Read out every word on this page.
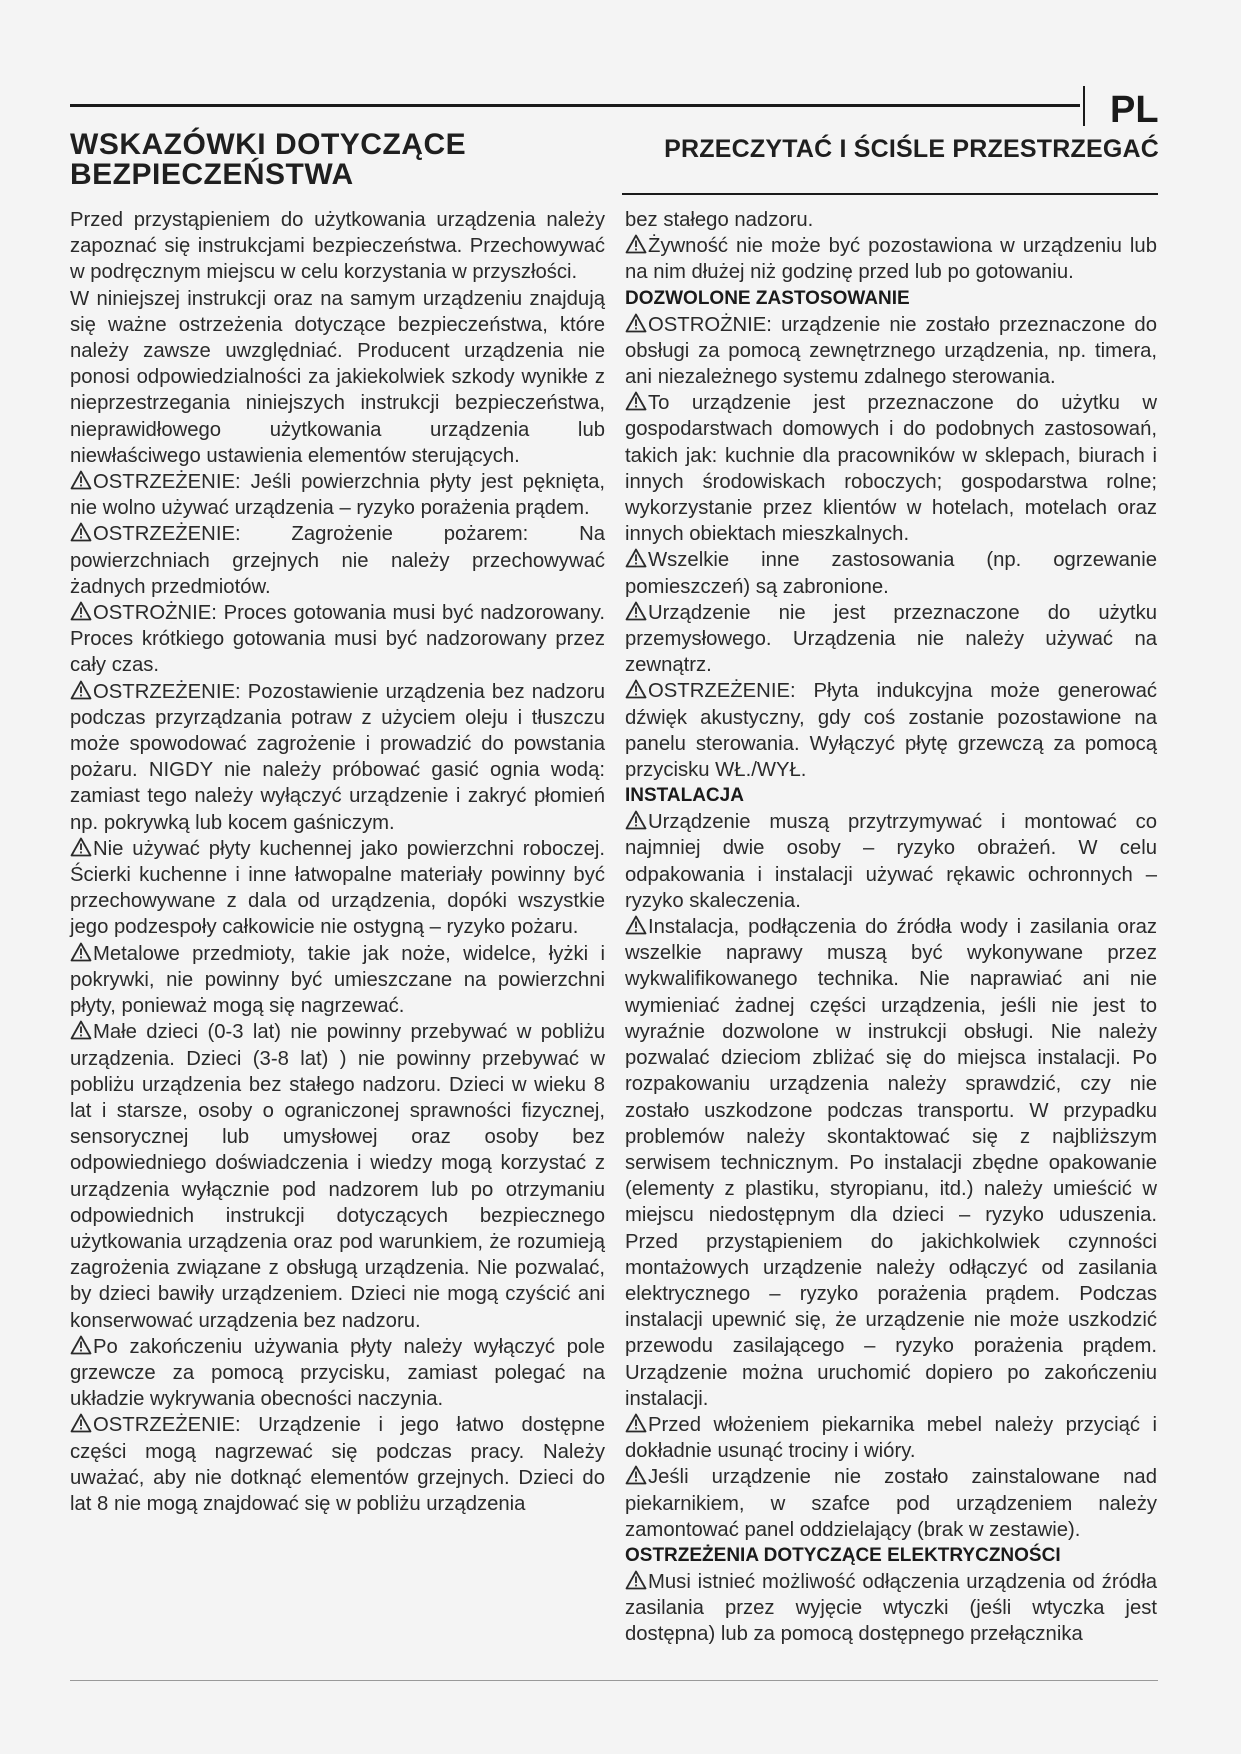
PL
WSKAZÓWKI DOTYCZĄCE
BEZPIECZEŃSTWA
PRZECZYTAĆ I ŚCIŚLE PRZESTRZEGAĆ

Przed przystąpieniem do użytkowania urządzenia należy zapoznać się instrukcjami bezpieczeństwa. Przechowywać w podręcznym miejscu w celu korzystania w przyszłości.

W niniejszej instrukcji oraz na samym urządzeniu znajdują się ważne ostrzeżenia dotyczące bezpieczeństwa, które należy zawsze uwzględniać. Producent urządzenia nie ponosi odpowiedzialności za jakiekolwiek szkody wynikłe z nieprzestrzegania niniejszych instrukcji bezpieczeństwa, nieprawidłowego użytkowania urządzenia lub niewłaściwego ustawienia elementów sterujących.

OSTRZEŻENIE: Jeśli powierzchnia płyty jest pęknięta, nie wolno używać urządzenia – ryzyko porażenia prądem.

OSTRZEŻENIE: Zagrożenie pożarem: Na powierzchniach grzejnych nie należy przechowywać żadnych przedmiotów.

OSTROŻNIE: Proces gotowania musi być nadzorowany. Proces krótkiego gotowania musi być nadzorowany przez cały czas.

OSTRZEŻENIE: Pozostawienie urządzenia bez nadzoru podczas przyrządzania potraw z użyciem oleju i tłuszczu może spowodować zagrożenie i prowadzić do powstania pożaru. NIGDY nie należy próbować gasić ognia wodą: zamiast tego należy wyłączyć urządzenie i zakryć płomień np. pokrywką lub kocem gaśniczym.

Nie używać płyty kuchennej jako powierzchni roboczej. Ścierki kuchenne i inne łatwopalne materiały powinny być przechowywane z dala od urządzenia, dopóki wszystkie jego podzespoły całkowicie nie ostygną – ryzyko pożaru.

Metalowe przedmioty, takie jak noże, widelce, łyżki i pokrywki, nie powinny być umieszczane na powierzchni płyty, ponieważ mogą się nagrzewać.

Małe dzieci (0-3 lat) nie powinny przebywać w pobliżu urządzenia. Dzieci (3-8 lat) ) nie powinny przebywać w pobliżu urządzenia bez stałego nadzoru. Dzieci w wieku 8 lat i starsze, osoby o ograniczonej sprawności fizycznej, sensorycznej lub umysłowej oraz osoby bez odpowiedniego doświadczenia i wiedzy mogą korzystać z urządzenia wyłącznie pod nadzorem lub po otrzymaniu odpowiednich instrukcji dotyczących bezpiecznego użytkowania urządzenia oraz pod warunkiem, że rozumieją zagrożenia związane z obsługą urządzenia. Nie pozwalać, by dzieci bawiły urządzeniem. Dzieci nie mogą czyścić ani konserwować urządzenia bez nadzoru.

Po zakończeniu używania płyty należy wyłączyć pole grzewcze za pomocą przycisku, zamiast polegać na układzie wykrywania obecności naczynia.

OSTRZEŻENIE: Urządzenie i jego łatwo dostępne części mogą nagrzewać się podczas pracy. Należy uważać, aby nie dotknąć elementów grzejnych. Dzieci do lat 8 nie mogą znajdować się w pobliżu urządzenia

bez stałego nadzoru.

Żywność nie może być pozostawiona w urządzeniu lub na nim dłużej niż godzinę przed lub po gotowaniu.

DOZWOLONE ZASTOSOWANIE

OSTROŻNIE: urządzenie nie zostało przeznaczone do obsługi za pomocą zewnętrznego urządzenia, np. timera, ani niezależnego systemu zdalnego sterowania.

To urządzenie jest przeznaczone do użytku w gospodarstwach domowych i do podobnych zastosowań, takich jak: kuchnie dla pracowników w sklepach, biurach i innych środowiskach roboczych; gospodarstwa rolne; wykorzystanie przez klientów w hotelach, motelach oraz innych obiektach mieszkalnych.

Wszelkie inne zastosowania (np. ogrzewanie pomieszczeń) są zabronione.

Urządzenie nie jest przeznaczone do użytku przemysłowego. Urządzenia nie należy używać na zewnątrz.

OSTRZEŻENIE: Płyta indukcyjna może generować dźwięk akustyczny, gdy coś zostanie pozostawione na panelu sterowania. Wyłączyć płytę grzewczą za pomocą przycisku WŁ./WYŁ.

INSTALACJA

Urządzenie muszą przytrzymywać i montować co najmniej dwie osoby – ryzyko obrażeń. W celu odpakowania i instalacji używać rękawic ochronnych – ryzyko skaleczenia.

Instalacja, podłączenia do źródła wody i zasilania oraz wszelkie naprawy muszą być wykonywane przez wykwalifikowanego technika. Nie naprawiać ani nie wymieniać żadnej części urządzenia, jeśli nie jest to wyraźnie dozwolone w instrukcji obsługi. Nie należy pozwalać dzieciom zbliżać się do miejsca instalacji. Po rozpakowaniu urządzenia należy sprawdzić, czy nie zostało uszkodzone podczas transportu. W przypadku problemów należy skontaktować się z najbliższym serwisem technicznym. Po instalacji zbędne opakowanie (elementy z plastiku, styropianu, itd.) należy umieścić w miejscu niedostępnym dla dzieci – ryzyko uduszenia. Przed przystąpieniem do jakichkolwiek czynności montażowych urządzenie należy odłączyć od zasilania elektrycznego – ryzyko porażenia prądem. Podczas instalacji upewnić się, że urządzenie nie może uszkodzić przewodu zasilającego – ryzyko porażenia prądem. Urządzenie można uruchomić dopiero po zakończeniu instalacji.

Przed włożeniem piekarnika mebel należy przyciąć i dokładnie usunąć trociny i wióry.

Jeśli urządzenie nie zostało zainstalowane nad piekarnikiem, w szafce pod urządzeniem należy zamontować panel oddzielający (brak w zestawie).

OSTRZEŻENIA DOTYCZĄCE ELEKTRYCZNOŚCI

Musi istnieć możliwość odłączenia urządzenia od źródła zasilania przez wyjęcie wtyczki (jeśli wtyczka jest dostępna) lub za pomocą dostępnego przełącznika
